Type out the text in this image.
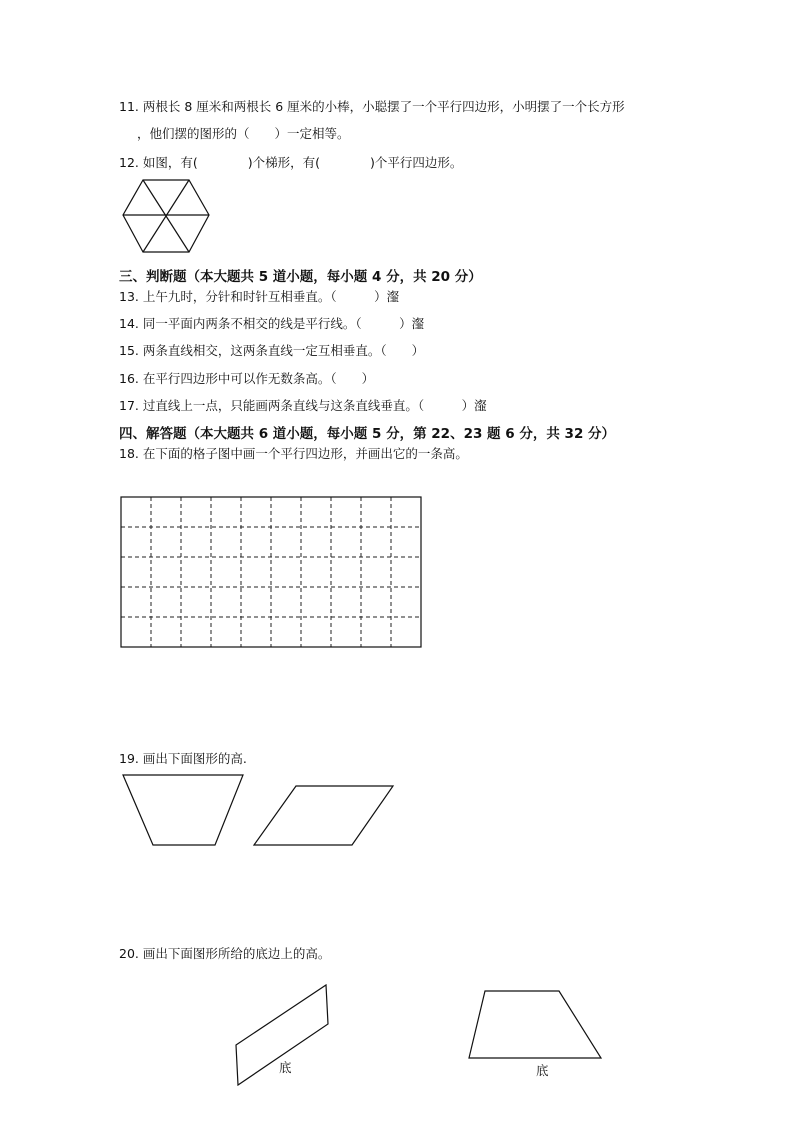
11. 两根长 8 厘米和两根长 6 厘米的小棒，小聪摆了一个平行四边形，小明摆了一个长方形
，他们摆的图形的（　　）一定相等。
12. 如图，有(　　　　)个梯形，有(　　　　)个平行四边形。
三、判断题（本大题共 5 道小题，每小题 4 分，共 20 分）
13. 上午九时，分针和时针互相垂直。（　　　）瀣
14. 同一平面内两条不相交的线是平行线。（　　　）瀣
15. 两条直线相交，这两条直线一定互相垂直。（　　）
16. 在平行四边形中可以作无数条高。（　　）
17. 过直线上一点，只能画两条直线与这条直线垂直。（　　　）瀣
四、解答题（本大题共 6 道小题，每小题 5 分，第 22、23 题 6 分，共 32 分）
18. 在下面的格子图中画一个平行四边形，并画出它的一条高。
19. 画出下面图形的高.
20. 画出下面图形所给的底边上的高。
底	底
